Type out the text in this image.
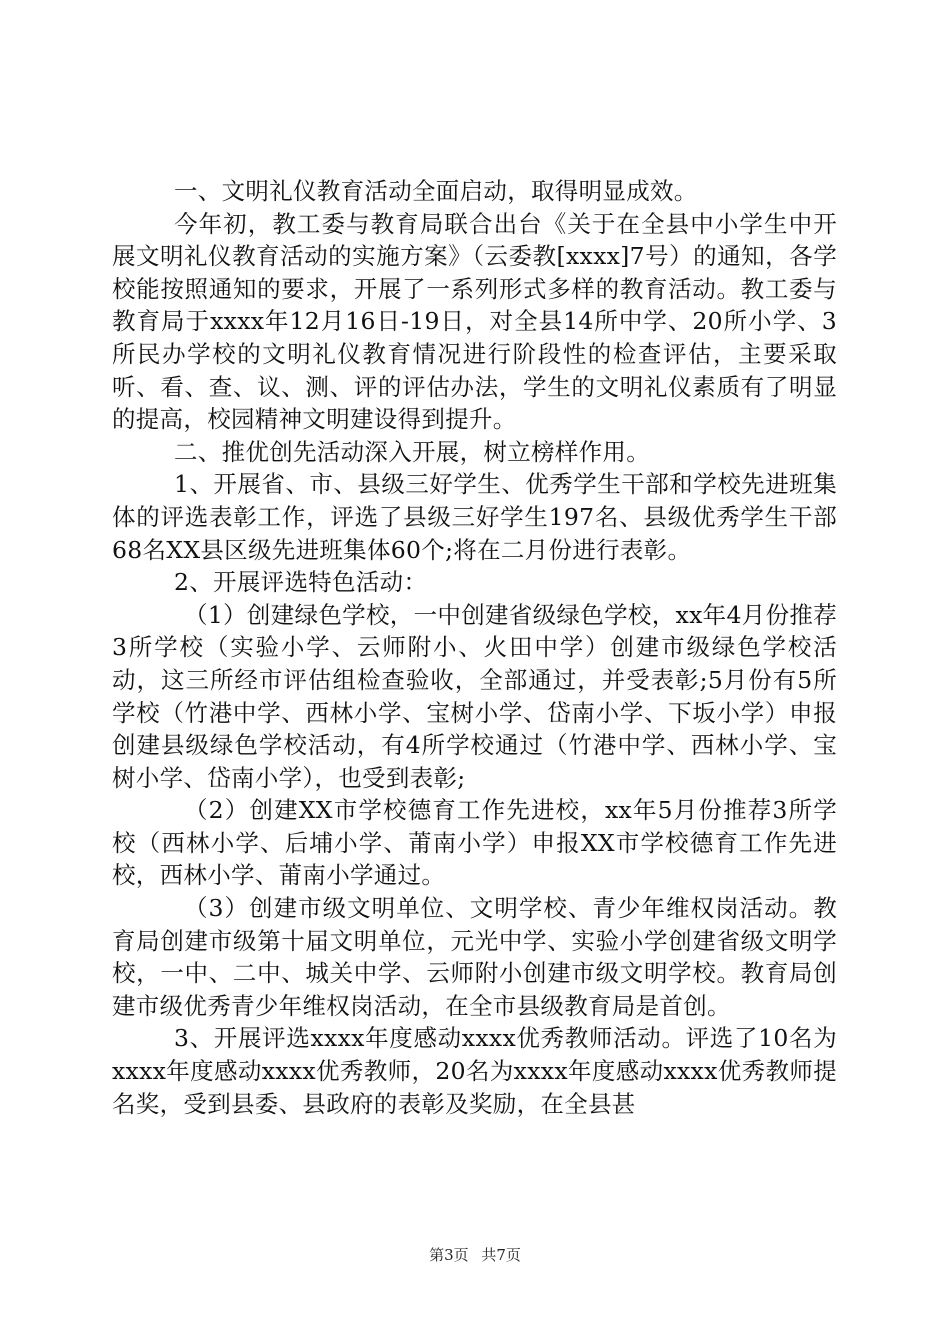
一、文明礼仪教育活动全面启动，取得明显成效。

今年初，教工委与教育局联合出台《关于在全县中小学生中开展文明礼仪教育活动的实施方案》（云委教[xxxx]7号）的通知，各学校能按照通知的要求，开展了一系列形式多样的教育活动。教工委与教育局于xxxx年12月16日-19日，对全县14所中学、20所小学、3所民办学校的文明礼仪教育情况进行阶段性的检查评估，主要采取听、看、查、议、测、评的评估办法，学生的文明礼仪素质有了明显的提高，校园精神文明建设得到提升。

二、推优创先活动深入开展，树立榜样作用。

1、开展省、市、县级三好学生、优秀学生干部和学校先进班集体的评选表彰工作，评选了县级三好学生197名、县级优秀学生干部68名XX县区级先进班集体60个;将在二月份进行表彰。

2、开展评选特色活动：

（1）创建绿色学校，一中创建省级绿色学校，xx年4月份推荐3所学校（实验小学、云师附小、火田中学）创建市级绿色学校活动，这三所经市评估组检查验收，全部通过，并受表彰;5月份有5所学校（竹港中学、西林小学、宝树小学、岱南小学、下坂小学）申报创建县级绿色学校活动，有4所学校通过（竹港中学、西林小学、宝树小学、岱南小学），也受到表彰;

（2）创建XX市学校德育工作先进校，xx年5月份推荐3所学校（西林小学、后埔小学、莆南小学）申报XX市学校德育工作先进校，西林小学、莆南小学通过。

（3）创建市级文明单位、文明学校、青少年维权岗活动。教育局创建市级第十届文明单位，元光中学、实验小学创建省级文明学校，一中、二中、城关中学、云师附小创建市级文明学校。教育局创建市级优秀青少年维权岗活动，在全市县级教育局是首创。

3、开展评选xxxx年度感动xxxx优秀教师活动。评选了10名为xxxx年度感动xxxx优秀教师，20名为xxxx年度感动xxxx优秀教师提名奖，受到县委、县政府的表彰及奖励，在全县甚

第3页 共7页
